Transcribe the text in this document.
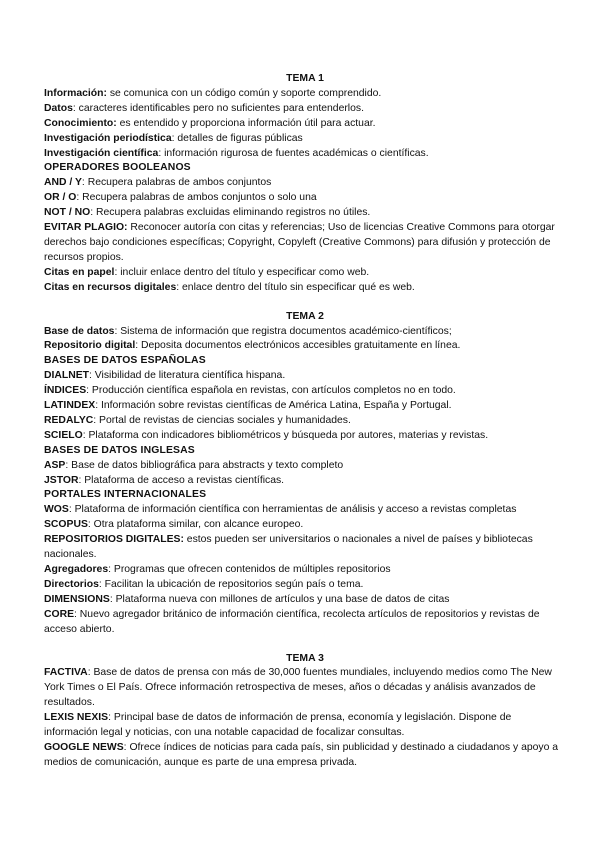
TEMA 1

Información: se comunica con un código común y soporte comprendido.

Datos: caracteres identificables pero no suficientes para entenderlos.

Conocimiento: es entendido y proporciona información útil para actuar.

Investigación periodística: detalles de figuras públicas

Investigación científica: información rigurosa de fuentes académicas o científicas.

OPERADORES BOOLEANOS

AND / Y: Recupera palabras de ambos conjuntos

OR / O: Recupera palabras de ambos conjuntos o solo una

NOT / NO: Recupera palabras excluidas eliminando registros no útiles.

EVITAR PLAGIO: Reconocer autoría con citas y referencias; Uso de licencias Creative Commons para otorgar derechos bajo condiciones específicas; Copyright, Copyleft (Creative Commons) para difusión y protección de recursos propios.

Citas en papel: incluir enlace dentro del título y especificar como web.

Citas en recursos digitales: enlace dentro del título sin especificar qué es web.

TEMA 2

Base de datos: Sistema de información que registra documentos académico-científicos;

Repositorio digital: Deposita documentos electrónicos accesibles gratuitamente en línea.

BASES DE DATOS ESPAÑOLAS

DIALNET: Visibilidad de literatura científica hispana.

ÍNDICES: Producción científica española en revistas, con artículos completos no en todo.

LATINDEX: Información sobre revistas científicas de América Latina, España y Portugal.

REDALYC: Portal de revistas de ciencias sociales y humanidades.

SCIELO: Plataforma con indicadores bibliométricos y búsqueda por autores, materias y revistas.

BASES DE DATOS INGLESAS

ASP: Base de datos bibliográfica para abstracts y texto completo

JSTOR: Plataforma de acceso a revistas científicas.

PORTALES INTERNACIONALES

WOS: Plataforma de información científica con herramientas de análisis y acceso a revistas completas

SCOPUS: Otra plataforma similar, con alcance europeo.

REPOSITORIOS DIGITALES: estos pueden ser universitarios o nacionales a nivel de países y bibliotecas nacionales.

Agregadores: Programas que ofrecen contenidos de múltiples repositorios

Directorios: Facilitan la ubicación de repositorios según país o tema.

DIMENSIONS: Plataforma nueva con millones de artículos y una base de datos de citas

CORE: Nuevo agregador británico de información científica, recolecta artículos de repositorios y revistas de acceso abierto.

TEMA 3

FACTIVA: Base de datos de prensa con más de 30,000 fuentes mundiales, incluyendo medios como The New York Times o El País. Ofrece información retrospectiva de meses, años o décadas y análisis avanzados de resultados.

LEXIS NEXIS: Principal base de datos de información de prensa, economía y legislación. Dispone de información legal y noticias, con una notable capacidad de focalizar consultas.

GOOGLE NEWS: Ofrece índices de noticias para cada país, sin publicidad y destinado a ciudadanos y apoyo a medios de comunicación, aunque es parte de una empresa privada.
